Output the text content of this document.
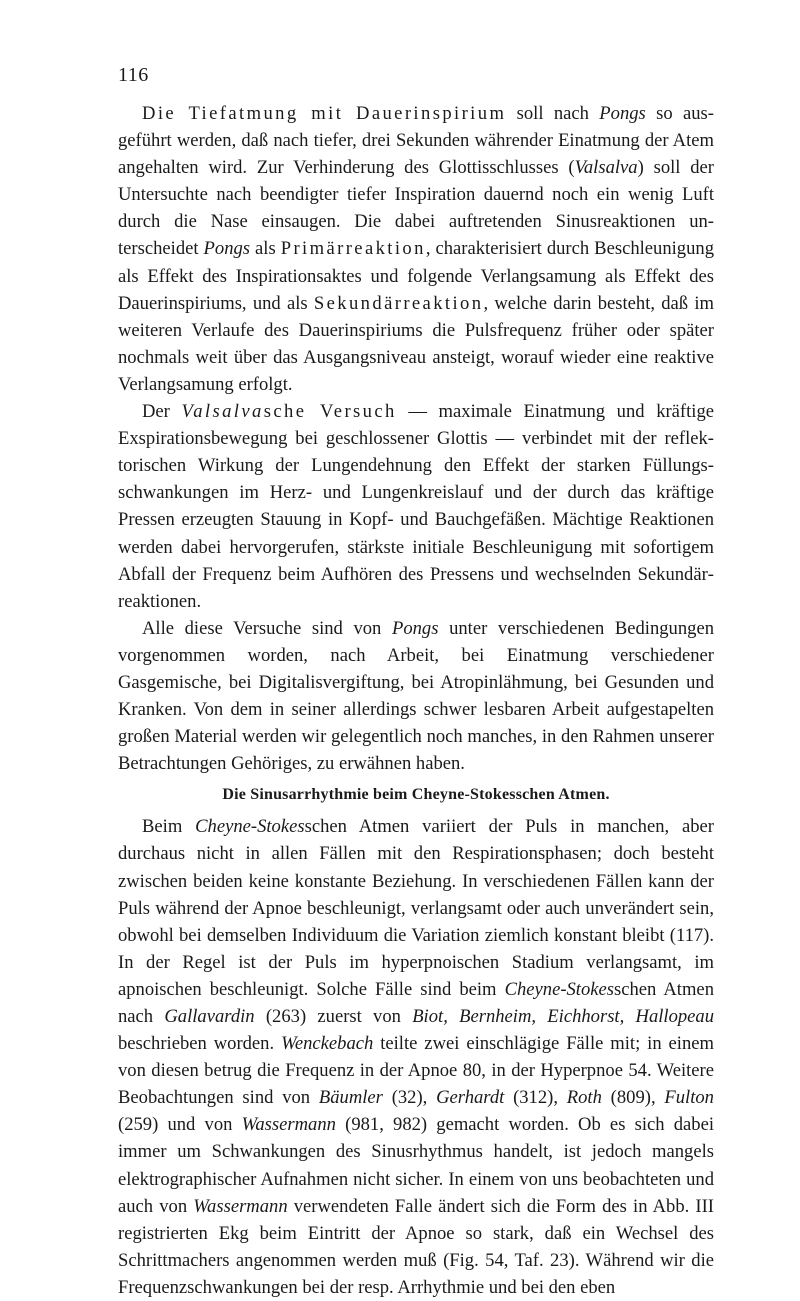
116

Die Tiefatmung mit Dauerinspirium soll nach Pongs so ausgeführt werden, daß nach tiefer, drei Sekunden währender Einatmung der Atem angehalten wird. Zur Verhinderung des Glottisschlusses (Valsalva) soll der Untersuchte nach beendigter tiefer Inspiration dauernd noch ein wenig Luft durch die Nase einsaugen. Die dabei auftretenden Sinusreaktionen unterscheidet Pongs als Primärreaktion, charakterisiert durch Beschleunigung als Effekt des Inspirationsaktes und folgende Verlangsamung als Effekt des Dauerinspiriums, und als Sekundärreaktion, welche darin besteht, daß im weiteren Verlaufe des Dauerinspiriums die Pulsfrequenz früher oder später nochmals weit über das Ausgangsniveau ansteigt, worauf wieder eine reaktive Verlangsamung erfolgt.

Der Valsalvasche Versuch — maximale Einatmung und kräftige Exspirationsbewegung bei geschlossener Glottis — verbindet mit der reflektorischen Wirkung der Lungendehnung den Effekt der starken Füllungsschwankungen im Herz- und Lungenkreislauf und der durch das kräftige Pressen erzeugten Stauung in Kopf- und Bauchgefäßen. Mächtige Reaktionen werden dabei hervorgerufen, stärkste initiale Beschleunigung mit sofortigem Abfall der Frequenz beim Aufhören des Pressens und wechselnden Sekundärreaktionen.

Alle diese Versuche sind von Pongs unter verschiedenen Bedingungen vorgenommen worden, nach Arbeit, bei Einatmung verschiedener Gasgemische, bei Digitalisvergiftung, bei Atropinlähmung, bei Gesunden und Kranken. Von dem in seiner allerdings schwer lesbaren Arbeit aufgestapelten großen Material werden wir gelegentlich noch manches, in den Rahmen unserer Betrachtungen Gehöriges, zu erwähnen haben.

Die Sinusarrhythmie beim Cheyne-Stokesschen Atmen.

Beim Cheyne-Stokesschen Atmen variiert der Puls in manchen, aber durchaus nicht in allen Fällen mit den Respirationsphasen; doch besteht zwischen beiden keine konstante Beziehung. In verschiedenen Fällen kann der Puls während der Apnoe beschleunigt, verlangsamt oder auch unverändert sein, obwohl bei demselben Individuum die Variation ziemlich konstant bleibt (117). In der Regel ist der Puls im hyperpnoischen Stadium verlangsamt, im apnoischen beschleunigt. Solche Fälle sind beim Cheyne-Stokesschen Atmen nach Gallavardin (263) zuerst von Biot, Bernheim, Eichhorst, Hallopeau beschrieben worden. Wenckebach teilte zwei einschlägige Fälle mit; in einem von diesen betrug die Frequenz in der Apnoe 80, in der Hyperpnoe 54. Weitere Beobachtungen sind von Bäumler (32), Gerhardt (312), Roth (809), Fulton (259) und von Wassermann (981, 982) gemacht worden. Ob es sich dabei immer um Schwankungen des Sinusrhythmus handelt, ist jedoch mangels elektrographischer Aufnahmen nicht sicher. In einem von uns beobachteten und auch von Wassermann verwendeten Falle ändert sich die Form des in Abb. III registrierten Ekg beim Eintritt der Apnoe so stark, daß ein Wechsel des Schrittmachers angenommen werden muß (Fig. 54, Taf. 23). Während wir die Frequenzschwankungen bei der resp. Arrhythmie und bei den eben
